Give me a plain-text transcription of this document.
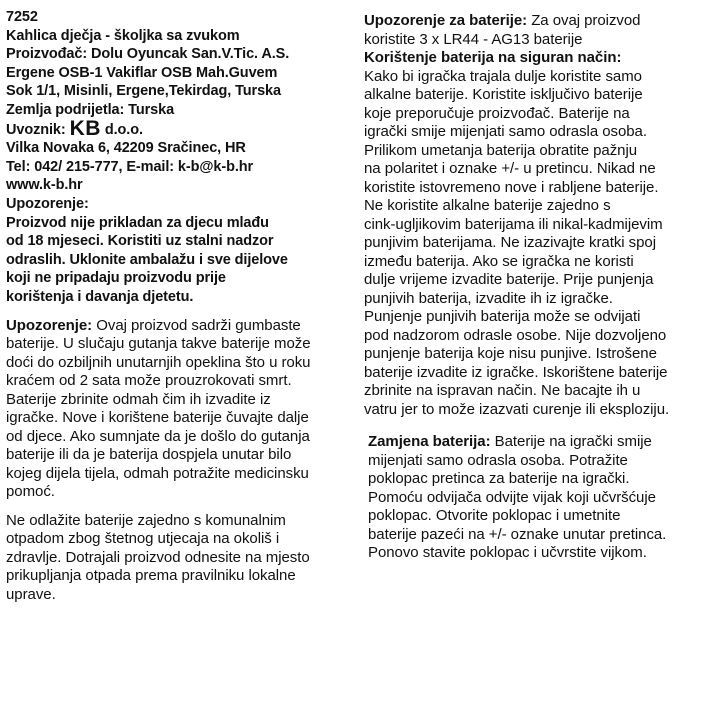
7252
Kahlica dječja - školjka sa zvukom
Proizvođač: Dolu Oyuncak San.V.Tic. A.S.
Ergene OSB-1 Vakiflar OSB Mah.Guvem
Sok 1/1, Misinli, Ergene,Tekirdag, Turska
Zemlja podrijetla: Turska
Uvoznik: KB d.o.o.
Vilka Novaka 6, 42209 Sračinec, HR
Tel: 042/ 215-777, E-mail: k-b@k-b.hr
www.k-b.hr
Upozorenje:
Proizvod nije prikladan za djecu mlađu
od 18 mjeseci. Koristiti uz stalni nadzor
odraslih. Uklonite ambalažu i sve dijelove
koji ne pripadaju proizvodu prije
korištenja i davanja djetetu.
Upozorenje: Ovaj proizvod sadrži gumbaste
baterije. U slučaju gutanja takve baterije može
doći do ozbiljnih unutarnjih opeklina što u roku
kraćem od 2 sata može prouzrokovati smrt.
Baterije zbrinite odmah čim ih izvadite iz
igračke. Nove i korištene baterije čuvajte dalje
od djece. Ako sumnjate da je došlo do gutanja
baterije ili da je baterija dospjela unutar bilo
kojeg dijela tijela, odmah potražite medicinsku
pomoć.
Ne odlažite baterije zajedno s komunalnim
otpadom zbog štetnog utjecaja na okoliš i
zdravlje. Dotrajali proizvod odnesite na mjesto
prikupljanja otpada prema pravilniku lokalne
uprave.
Upozorenje za baterije: Za ovaj proizvod
koristite 3 x LR44 - AG13 baterije
Korištenje baterija na siguran način:
Kako bi igračka trajala dulje koristite samo
alkalne baterije. Koristite isključivo baterije
koje preporučuje proizvođač. Baterije na
igrački smije mijenjati samo odrasla osoba.
Prilikom umetanja baterija obratite pažnju
na polaritet i oznake +/- u pretincu. Nikad ne
koristite istovremeno nove i rabljene baterije.
Ne koristite alkalne baterije zajedno s
cink-ugljikovim baterijama ili nikal-kadmijevim
punjivim baterijama. Ne izazivajte kratki spoj
između baterija. Ako se igračka ne koristi
dulje vrijeme izvadite baterije. Prije punjenja
punjivih baterija, izvadite ih iz igračke.
Punjenje punjivih baterija može se odvijati
pod nadzorom odrasle osobe. Nije dozvoljeno
punjenje baterija koje nisu punjive. Istrošene
baterije izvadite iz igračke. Iskorištene baterije
zbrinite na ispravan način. Ne bacajte ih u
vatru jer to može izazvati curenje ili eksploziju.
Zamjena baterija: Baterije na igrački smije
mijenjati samo odrasla osoba. Potražite
poklopac pretinca za baterije na igrački.
Pomoću odvijača odvijte vijak koji učvršćuje
poklopac. Otvorite poklopac i umetnite
baterije pazeći na +/- oznake unutar pretinca.
Ponovo stavite poklopac i učvrstite vijkom.
